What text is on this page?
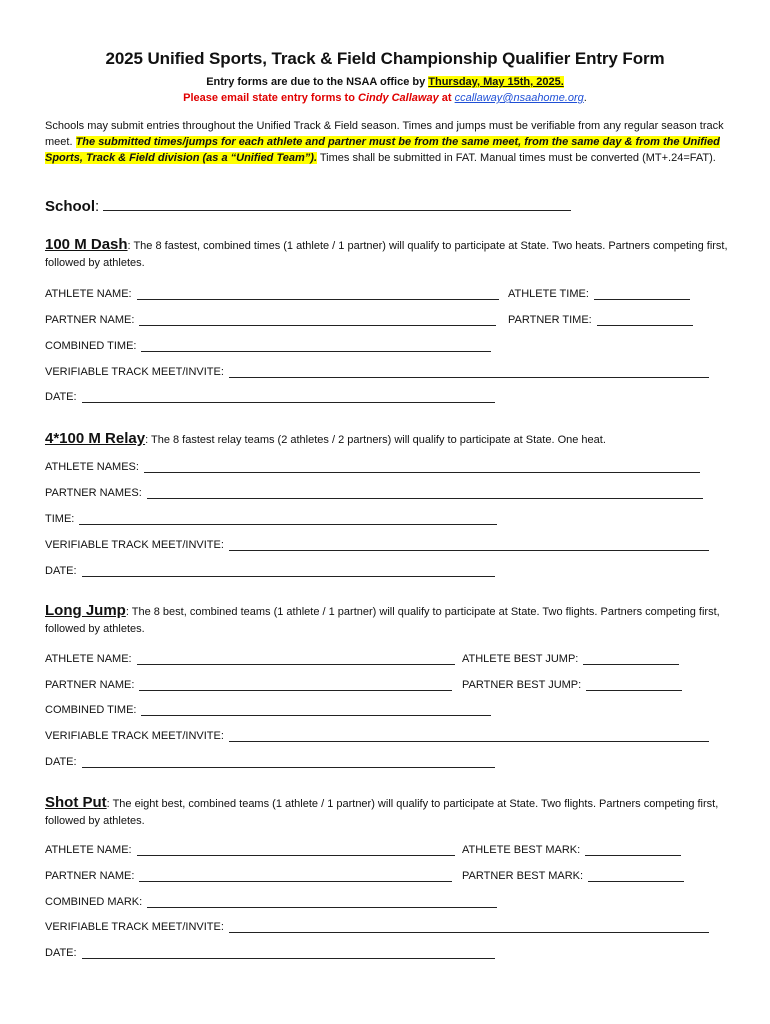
2025 Unified Sports, Track & Field Championship Qualifier Entry Form
Entry forms are due to the NSAA office by Thursday, May 15th, 2025.
Please email state entry forms to Cindy Callaway at ccallaway@nsaahome.org.
Schools may submit entries throughout the Unified Track & Field season. Times and jumps must be verifiable from any regular season track meet. The submitted times/jumps for each athlete and partner must be from the same meet, from the same day & from the Unified Sports, Track & Field division (as a “Unified Team”). Times shall be submitted in FAT. Manual times must be converted (MT+.24=FAT).
School:
100 M Dash: The 8 fastest, combined times (1 athlete / 1 partner) will qualify to participate at State. Two heats. Partners competing first, followed by athletes.
ATHLETE NAME:	ATHLETE TIME:
PARTNER NAME:	PARTNER TIME:
COMBINED TIME:
VERIFIABLE TRACK MEET/INVITE:
DATE:
4*100 M Relay: The 8 fastest relay teams (2 athletes / 2 partners) will qualify to participate at State. One heat.
ATHLETE NAMES:
PARTNER NAMES:
TIME:
VERIFIABLE TRACK MEET/INVITE:
DATE:
Long Jump: The 8 best, combined teams (1 athlete / 1 partner) will qualify to participate at State. Two flights. Partners competing first, followed by athletes.
ATHLETE NAME:	ATHLETE BEST JUMP:
PARTNER NAME:	PARTNER BEST JUMP:
COMBINED TIME:
VERIFIABLE TRACK MEET/INVITE:
DATE:
Shot Put: The eight best, combined teams (1 athlete / 1 partner) will qualify to participate at State. Two flights. Partners competing first, followed by athletes.
ATHLETE NAME:	ATHLETE BEST MARK:
PARTNER NAME:	PARTNER BEST MARK:
COMBINED MARK:
VERIFIABLE TRACK MEET/INVITE:
DATE:
